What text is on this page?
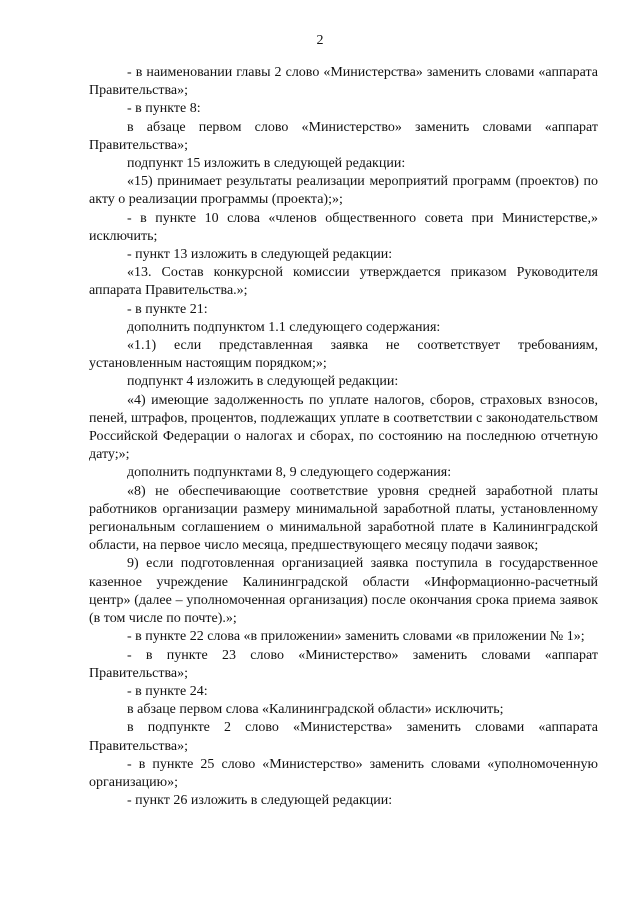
2

- в наименовании главы 2 слово «Министерства» заменить словами «аппарата Правительства»;

- в пункте 8:

в абзаце первом слово «Министерство» заменить словами «аппарат Правительства»;

подпункт 15 изложить в следующей редакции:

«15) принимает результаты реализации мероприятий программ (проектов) по акту о реализации программы (проекта);»;

- в пункте 10 слова «членов общественного совета при Министерстве,» исключить;

- пункт 13 изложить в следующей редакции:

«13. Состав конкурсной комиссии утверждается приказом Руководителя аппарата Правительства.»;

- в пункте 21:

дополнить подпунктом 1.1 следующего содержания:

«1.1) если представленная заявка не соответствует требованиям, установленным настоящим порядком;»;

подпункт 4 изложить в следующей редакции:

«4) имеющие задолженность по уплате налогов, сборов, страховых взносов, пеней, штрафов, процентов, подлежащих уплате в соответствии с законодательством Российской Федерации о налогах и сборах, по состоянию на последнюю отчетную дату;»;

дополнить подпунктами 8, 9 следующего содержания:

«8) не обеспечивающие соответствие уровня средней заработной платы работников организации размеру минимальной заработной платы, установленному региональным соглашением о минимальной заработной плате в Калининградской области, на первое число месяца, предшествующего месяцу подачи заявок;

9) если подготовленная организацией заявка поступила в государственное казенное учреждение Калининградской области «Информационно-расчетный центр» (далее – уполномоченная организация) после окончания срока приема заявок (в том числе по почте).»;

- в пункте 22 слова «в приложении» заменить словами «в приложении № 1»;

- в пункте 23 слово «Министерство» заменить словами «аппарат Правительства»;

- в пункте 24:

в абзаце первом слова «Калининградской области» исключить;

в подпункте 2 слово «Министерства» заменить словами «аппарата Правительства»;

- в пункте 25 слово «Министерство» заменить словами «уполномоченную организацию»;

- пункт 26 изложить в следующей редакции:
